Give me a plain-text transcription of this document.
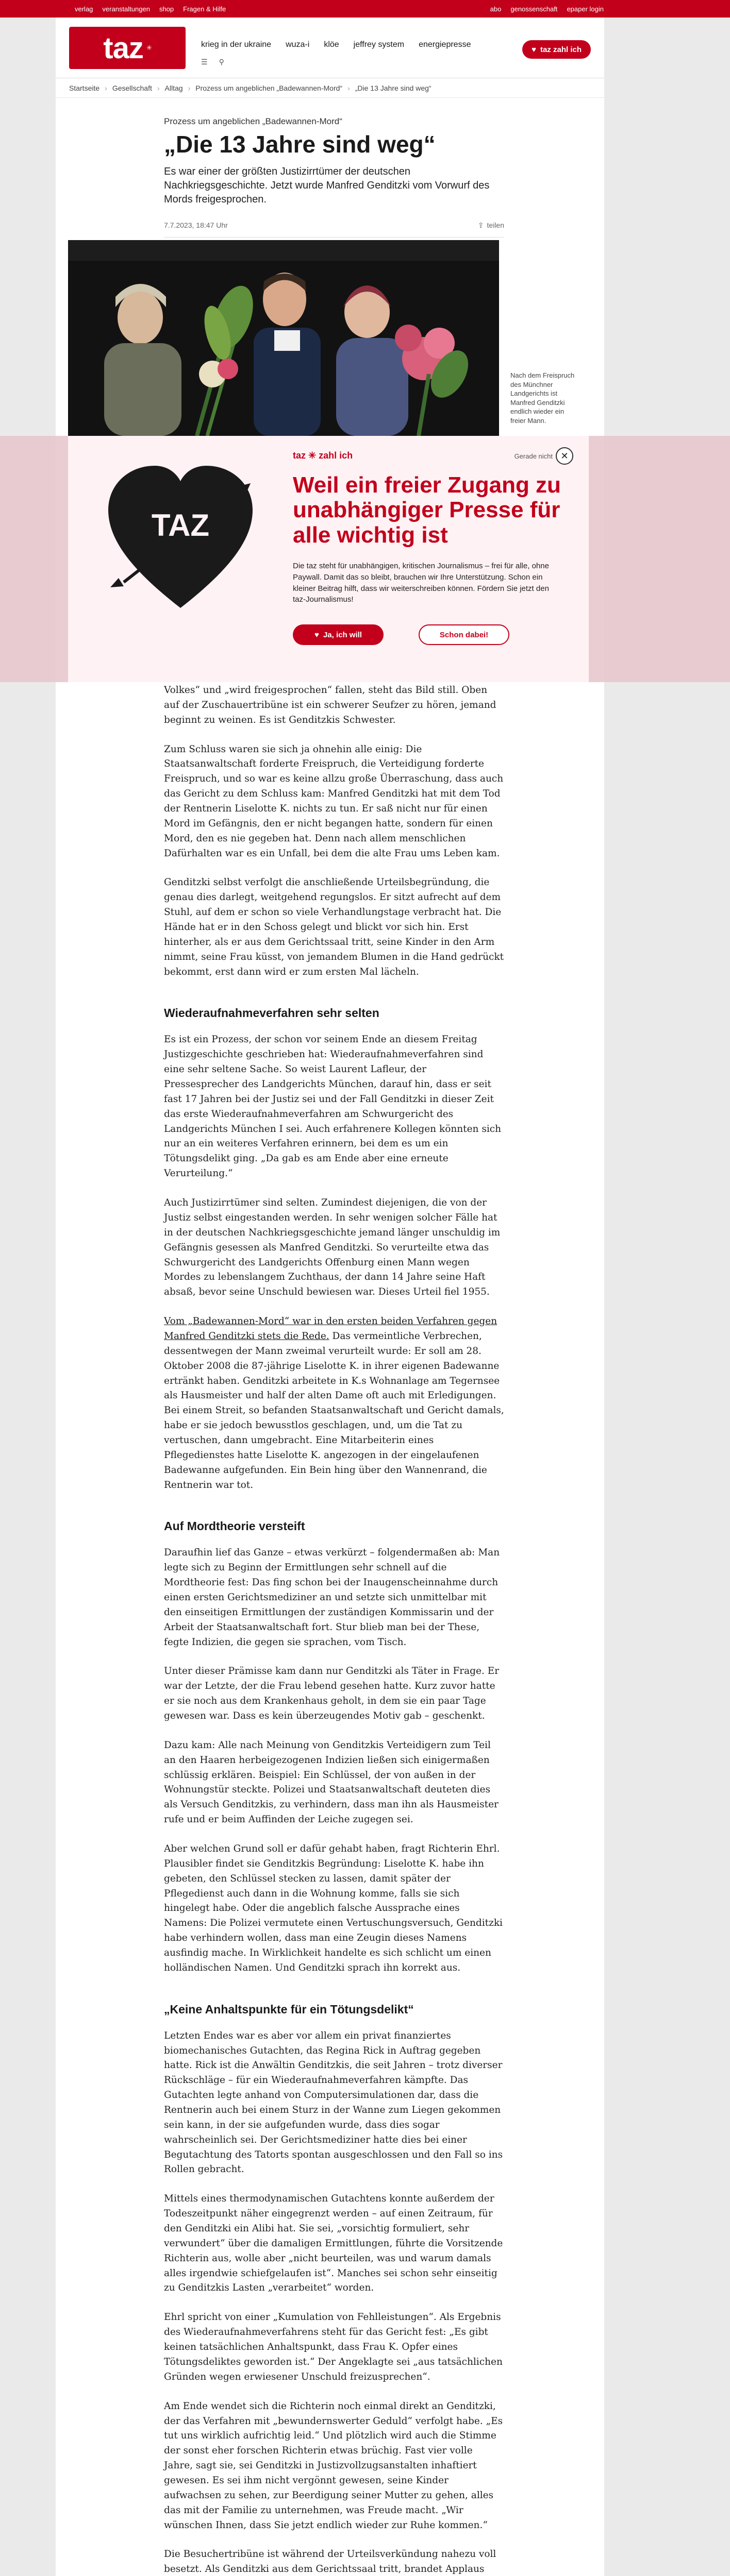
verlag veranstaltungen shop Fragen & Hilfe	abo genossenschaft epaper login
taz ✳	krieg in der ukraine wuza-i klöe jeffrey system energiepresse
☰ ⚲
♥ taz zahl ich
Startseite › Gesellschaft › Alltag › Prozess um angeblichen „Badewannen-Mord“ › „Die 13 Jahre sind weg“
Prozess um angeblichen „Badewannen-Mord“
„Die 13 Jahre sind weg“
Es war einer der größten Justizirrtümer der deutschen Nachkriegsgeschichte. Jetzt wurde Manfred Genditzki vom Vorwurf des Mords freigesprochen.
7.7.2023, 18:47 Uhr	⇪ teilen
Nach dem Freispruch des Münchner Landgerichts ist Manfred Genditzki endlich wieder ein freier Mann.
TAZ
taz ✳ zahl ich	Gerade nicht ✕
Weil ein freier Zugang zu unabhängiger Presse für alle wichtig ist
Die taz steht für unabhängigen, kritischen Journalismus – frei für alle, ohne Paywall. Damit das so bleibt, brauchen wir Ihre Unterstützung. Schon ein kleiner Beitrag hilft, dass wir weiterschreiben können. Fördern Sie jetzt den taz-Journalismus!
♥ Ja, ich will	Schon dabei!

Volkes“ und „wird freigesprochen“ fallen, steht das Bild still. Oben auf der Zuschauertribüne ist ein schwerer Seufzer zu hören, jemand beginnt zu weinen. Es ist Genditzkis Schwester.

Zum Schluss waren sie sich ja ohnehin alle einig: Die Staatsanwaltschaft forderte Freispruch, die Verteidigung forderte Freispruch, und so war es keine allzu große Überraschung, dass auch das Gericht zu dem Schluss kam: Manfred Genditzki hat mit dem Tod der Rentnerin Liselotte K. nichts zu tun. Er saß nicht nur für einen Mord im Gefängnis, den er nicht begangen hatte, sondern für einen Mord, den es nie gegeben hat. Denn nach allem menschlichen Dafürhalten war es ein Unfall, bei dem die alte Frau ums Leben kam.

Genditzki selbst verfolgt die anschließende Urteilsbegründung, die genau dies darlegt, weitgehend regungslos. Er sitzt aufrecht auf dem Stuhl, auf dem er schon so viele Verhandlungstage verbracht hat. Die Hände hat er in den Schoss gelegt und blickt vor sich hin. Erst hinterher, als er aus dem Gerichtssaal tritt, seine Kinder in den Arm nimmt, seine Frau küsst, von jemandem Blumen in die Hand gedrückt bekommt, erst dann wird er zum ersten Mal lächeln.

Wiederaufnahmeverfahren sehr selten

Es ist ein Prozess, der schon vor seinem Ende an diesem Freitag Justizgeschichte geschrieben hat: Wiederaufnahmeverfahren sind eine sehr seltene Sache. So weist Laurent Lafleur, der Pressesprecher des Landgerichts München, darauf hin, dass er seit fast 17 Jahren bei der Justiz sei und der Fall Genditzki in dieser Zeit das erste Wiederaufnahmeverfahren am Schwurgericht des Landgerichts München I sei. Auch erfahrenere Kollegen könnten sich nur an ein weiteres Verfahren erinnern, bei dem es um ein Tötungsdelikt ging. „Da gab es am Ende aber eine erneute Verurteilung.“

Auch Justizirrtümer sind selten. Zumindest diejenigen, die von der Justiz selbst eingestanden werden. In sehr wenigen solcher Fälle hat in der deutschen Nachkriegsgeschichte jemand länger unschuldig im Gefängnis gesessen als Manfred Genditzki. So verurteilte etwa das Schwurgericht des Landgerichts Offenburg einen Mann wegen Mordes zu lebenslangem Zuchthaus, der dann 14 Jahre seine Haft absaß, bevor seine Unschuld bewiesen war. Dieses Urteil fiel 1955.

Vom „Badewannen-Mord“ war in den ersten beiden Verfahren gegen Manfred Genditzki stets die Rede. Das vermeintliche Verbrechen, dessentwegen der Mann zweimal verurteilt wurde: Er soll am 28. Oktober 2008 die 87-jährige Liselotte K. in ihrer eigenen Badewanne ertränkt haben. Genditzki arbeitete in K.s Wohnanlage am Tegernsee als Hausmeister und half der alten Dame oft auch mit Erledigungen. Bei einem Streit, so befanden Staatsanwaltschaft und Gericht damals, habe er sie jedoch bewusstlos geschlagen, und, um die Tat zu vertuschen, dann umgebracht. Eine Mitarbeiterin eines Pflegedienstes hatte Liselotte K. angezogen in der eingelaufenen Badewanne aufgefunden. Ein Bein hing über den Wannenrand, die Rentnerin war tot.

Auf Mordtheorie versteift

Daraufhin lief das Ganze – etwas verkürzt – folgendermaßen ab: Man legte sich zu Beginn der Ermittlungen sehr schnell auf die Mordtheorie fest: Das fing schon bei der Inaugenscheinnahme durch einen ersten Gerichtsmediziner an und setzte sich unmittelbar mit den einseitigen Ermittlungen der zuständigen Kommissarin und der Arbeit der Staatsanwaltschaft fort. Stur blieb man bei der These, fegte Indizien, die gegen sie sprachen, vom Tisch.

Unter dieser Prämisse kam dann nur Genditzki als Täter in Frage. Er war der Letzte, der die Frau lebend gesehen hatte. Kurz zuvor hatte er sie noch aus dem Krankenhaus geholt, in dem sie ein paar Tage gewesen war. Dass es kein überzeugendes Motiv gab – geschenkt.

Dazu kam: Alle nach Meinung von Genditzkis Verteidigern zum Teil an den Haaren herbeigezogenen Indizien ließen sich einigermaßen schlüssig erklären. Beispiel: Ein Schlüssel, der von außen in der Wohnungstür steckte. Polizei und Staatsanwaltschaft deuteten dies als Versuch Genditzkis, zu verhindern, dass man ihn als Hausmeister rufe und er beim Auffinden der Leiche zugegen sei.

Aber welchen Grund soll er dafür gehabt haben, fragt Richterin Ehrl. Plausibler findet sie Genditzkis Begründung: Liselotte K. habe ihn gebeten, den Schlüssel stecken zu lassen, damit später der Pflegedienst auch dann in die Wohnung komme, falls sie sich hingelegt habe. Oder die angeblich falsche Aussprache eines Namens: Die Polizei vermutete einen Vertuschungsversuch, Genditzki habe verhindern wollen, dass man eine Zeugin dieses Namens ausfindig mache. In Wirklichkeit handelte es sich schlicht um einen holländischen Namen. Und Genditzki sprach ihn korrekt aus.

„Keine Anhaltspunkte für ein Tötungsdelikt“

Letzten Endes war es aber vor allem ein privat finanziertes biomechanisches Gutachten, das Regina Rick in Auftrag gegeben hatte. Rick ist die Anwältin Genditzkis, die seit Jahren – trotz diverser Rückschläge – für ein Wiederaufnahmeverfahren kämpfte. Das Gutachten legte anhand von Computersimulationen dar, dass die Rentnerin auch bei einem Sturz in der Wanne zum Liegen gekommen sein kann, in der sie aufgefunden wurde, dass dies sogar wahrscheinlich sei. Der Gerichtsmediziner hatte dies bei einer Begutachtung des Tatorts spontan ausgeschlossen und den Fall so ins Rollen gebracht.

Mittels eines thermodynamischen Gutachtens konnte außerdem der Todeszeitpunkt näher eingegrenzt werden – auf einen Zeitraum, für den Genditzki ein Alibi hat. Sie sei, „vorsichtig formuliert, sehr verwundert“ über die damaligen Ermittlungen, führte die Vorsitzende Richterin aus, wolle aber „nicht beurteilen, was und warum damals alles irgendwie schiefgelaufen ist“. Manches sei schon sehr einseitig zu Genditzkis Lasten „verarbeitet“ worden.

Ehrl spricht von einer „Kumulation von Fehlleistungen“. Als Ergebnis des Wiederaufnahmeverfahrens steht für das Gericht fest: „Es gibt keinen tatsächlichen Anhaltspunkt, dass Frau K. Opfer eines Tötungsdeliktes geworden ist.“ Der Angeklagte sei „aus tatsächlichen Gründen wegen erwiesener Unschuld freizusprechen“.

Am Ende wendet sich die Richterin noch einmal direkt an Genditzki, der das Verfahren mit „bewundernswerter Geduld“ verfolgt habe. „Es tut uns wirklich aufrichtig leid.“ Und plötzlich wird auch die Stimme der sonst eher forschen Richterin etwas brüchig. Fast vier volle Jahre, sagt sie, sei Genditzki in Justizvollzugsanstalten inhaftiert gewesen. Es sei ihm nicht vergönnt gewesen, seine Kinder aufwachsen zu sehen, zur Beerdigung seiner Mutter zu gehen, alles das mit der Familie zu unternehmen, was Freude macht. „Wir wünschen Ihnen, dass Sie jetzt endlich wieder zur Ruhe kommen.“

Die Besuchertribüne ist während der Urteilsverkündung nahezu voll besetzt. Als Genditzki aus dem Gerichtssaal tritt, brandet Applaus
